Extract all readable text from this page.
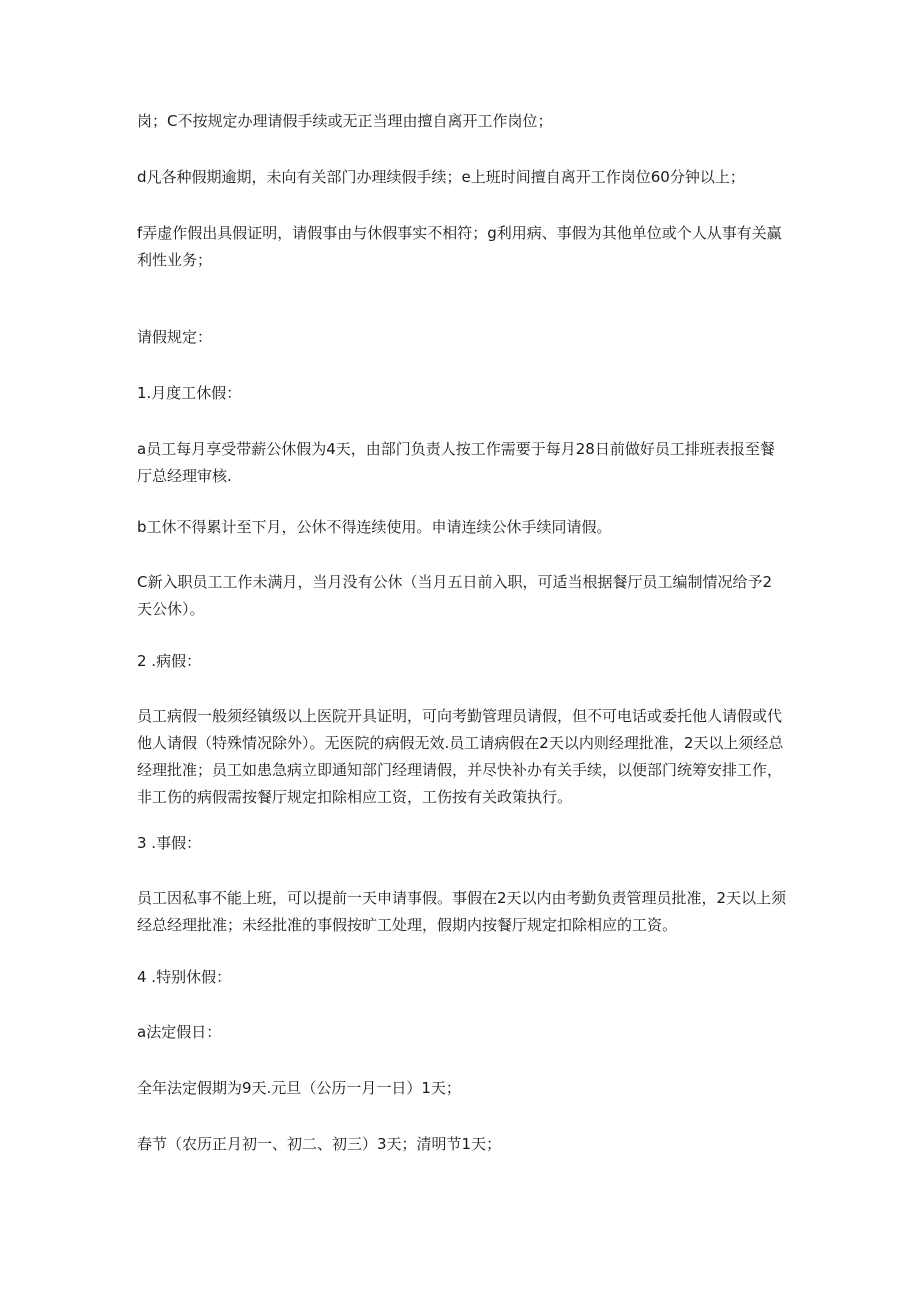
岗；C不按规定办理请假手续或无正当理由擅自离开工作岗位；

d凡各种假期逾期，未向有关部门办理续假手续；e上班时间擅自离开工作岗位60分钟以上；

f弄虚作假出具假证明，请假事由与休假事实不相符；g利用病、事假为其他单位或个人从事有关赢利性业务；

请假规定：

1.月度工休假：

a员工每月享受带薪公休假为4天，由部门负责人按工作需要于每月28日前做好员工排班表报至餐厅总经理审核.

b工休不得累计至下月，公休不得连续使用。申请连续公休手续同请假。

C新入职员工工作未满月，当月没有公休（当月五日前入职，可适当根据餐厅员工编制情况给予2天公休）。

2 .病假：

员工病假一般须经镇级以上医院开具证明，可向考勤管理员请假，但不可电话或委托他人请假或代他人请假（特殊情况除外）。无医院的病假无效.员工请病假在2天以内则经理批准，2天以上须经总经理批准；员工如患急病立即通知部门经理请假，并尽快补办有关手续，以便部门统筹安排工作，非工伤的病假需按餐厅规定扣除相应工资，工伤按有关政策执行。

3 .事假：

员工因私事不能上班，可以提前一天申请事假。事假在2天以内由考勤负责管理员批准，2天以上须经总经理批准；未经批准的事假按旷工处理，假期内按餐厅规定扣除相应的工资。

4 .特别休假：

a法定假日：

全年法定假期为9天.元旦（公历一月一日）1天；

春节（农历正月初一、初二、初三）3天；清明节1天；
